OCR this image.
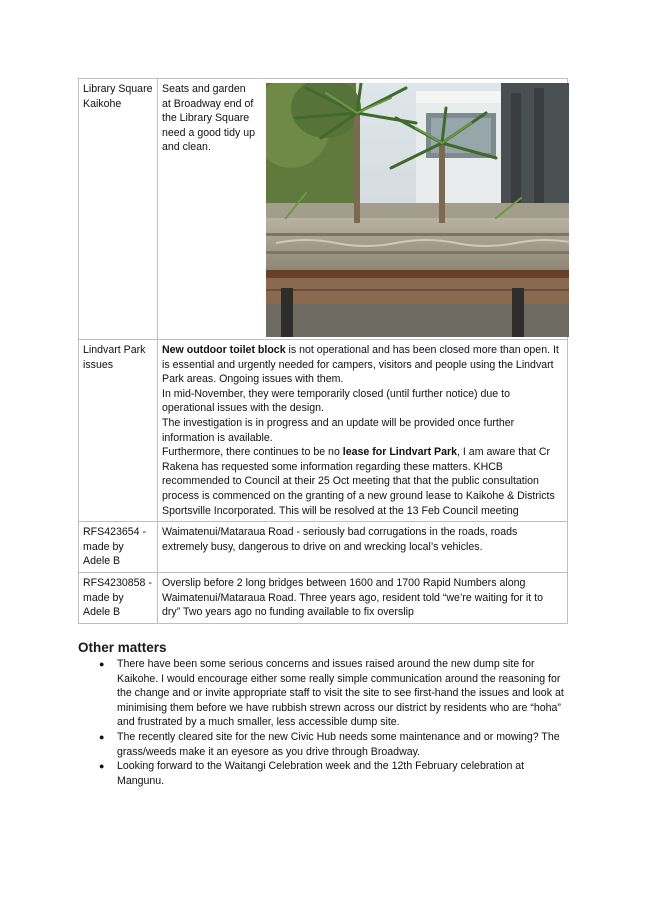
Library Square Kaikohe	Seats and garden at Broadway end of the Library Square need a good tidy up and clean.

Lindvart Park issues	New outdoor toilet block is not operational and has been closed more than open. It is essential and urgently needed for campers, visitors and people using the Lindvart Park areas. Ongoing issues with them.
In mid-November, they were temporarily closed (until further notice) due to operational issues with the design.
The investigation is in progress and an update will be provided once further information is available.
Furthermore, there continues to be no lease for Lindvart Park, I am aware that Cr Rakena has requested some information regarding these matters. KHCB recommended to Council at their 25 Oct meeting that that the public consultation process is commenced on the granting of a new ground lease to Kaikohe & Districts Sportsville Incorporated. This will be resolved at the 13 Feb Council meeting

RFS423654 - made by Adele B	Waimatenui/Mataraua Road - seriously bad corrugations in the roads, roads extremely busy, dangerous to drive on and wrecking local’s vehicles.
RFS4230858 - made by Adele B	Overslip before 2 long bridges between 1600 and 1700 Rapid Numbers along Waimatenui/Mataraua Road. Three years ago, resident told “we’re waiting for it to dry” Two years ago no funding available to fix overslip
Other matters
● There have been some serious concerns and issues raised around the new dump site for Kaikohe. I would encourage either some really simple communication around the reasoning for the change and or invite appropriate staff to visit the site to see first-hand the issues and look at minimising them before we have rubbish strewn across our district by residents who are “hoha” and frustrated by a much smaller, less accessible dump site.
● The recently cleared site for the new Civic Hub needs some maintenance and or mowing? The grass/weeds make it an eyesore as you drive through Broadway.
● Looking forward to the Waitangi Celebration week and the 12th February celebration at Mangunu.
